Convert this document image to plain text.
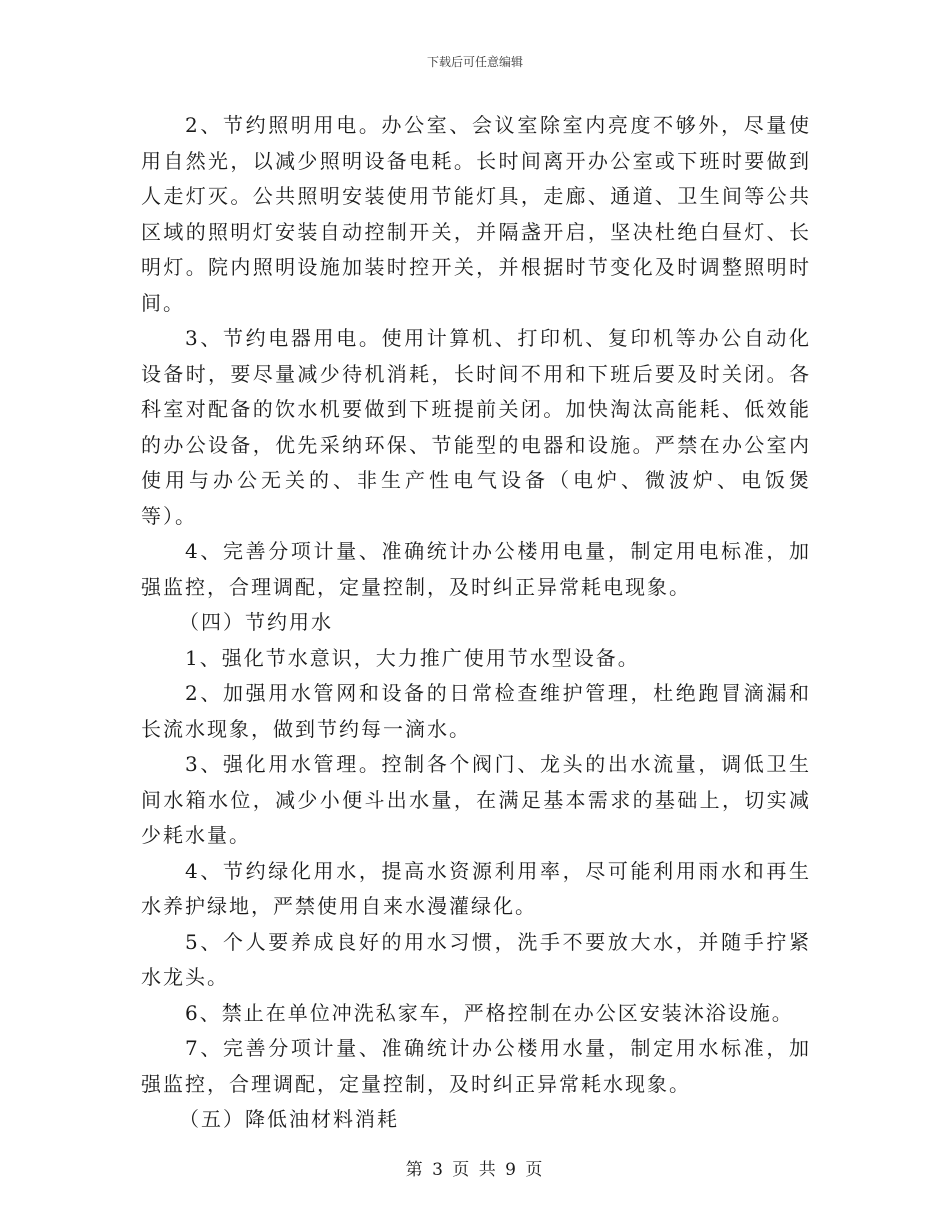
下载后可任意编辑

2、节约照明用电。办公室、会议室除室内亮度不够外，尽量使用自然光，以减少照明设备电耗。长时间离开办公室或下班时要做到人走灯灭。公共照明安装使用节能灯具，走廊、通道、卫生间等公共区域的照明灯安装自动控制开关，并隔盏开启，坚决杜绝白昼灯、长明灯。院内照明设施加装时控开关，并根据时节变化及时调整照明时间。

3、节约电器用电。使用计算机、打印机、复印机等办公自动化设备时，要尽量减少待机消耗，长时间不用和下班后要及时关闭。各科室对配备的饮水机要做到下班提前关闭。加快淘汰高能耗、低效能的办公设备，优先采纳环保、节能型的电器和设施。严禁在办公室内使用与办公无关的、非生产性电气设备（电炉、微波炉、电饭煲等）。

4、完善分项计量、准确统计办公楼用电量，制定用电标准，加强监控，合理调配，定量控制，及时纠正异常耗电现象。

（四）节约用水

1、强化节水意识，大力推广使用节水型设备。

2、加强用水管网和设备的日常检查维护管理，杜绝跑冒滴漏和长流水现象，做到节约每一滴水。

3、强化用水管理。控制各个阀门、龙头的出水流量，调低卫生间水箱水位，减少小便斗出水量，在满足基本需求的基础上，切实减少耗水量。

4、节约绿化用水，提高水资源利用率，尽可能利用雨水和再生水养护绿地，严禁使用自来水漫灌绿化。

5、个人要养成良好的用水习惯，洗手不要放大水，并随手拧紧水龙头。

6、禁止在单位冲洗私家车，严格控制在办公区安装沐浴设施。

7、完善分项计量、准确统计办公楼用水量，制定用水标准，加强监控，合理调配，定量控制，及时纠正异常耗水现象。

（五）降低油材料消耗

第 3 页 共 9 页
